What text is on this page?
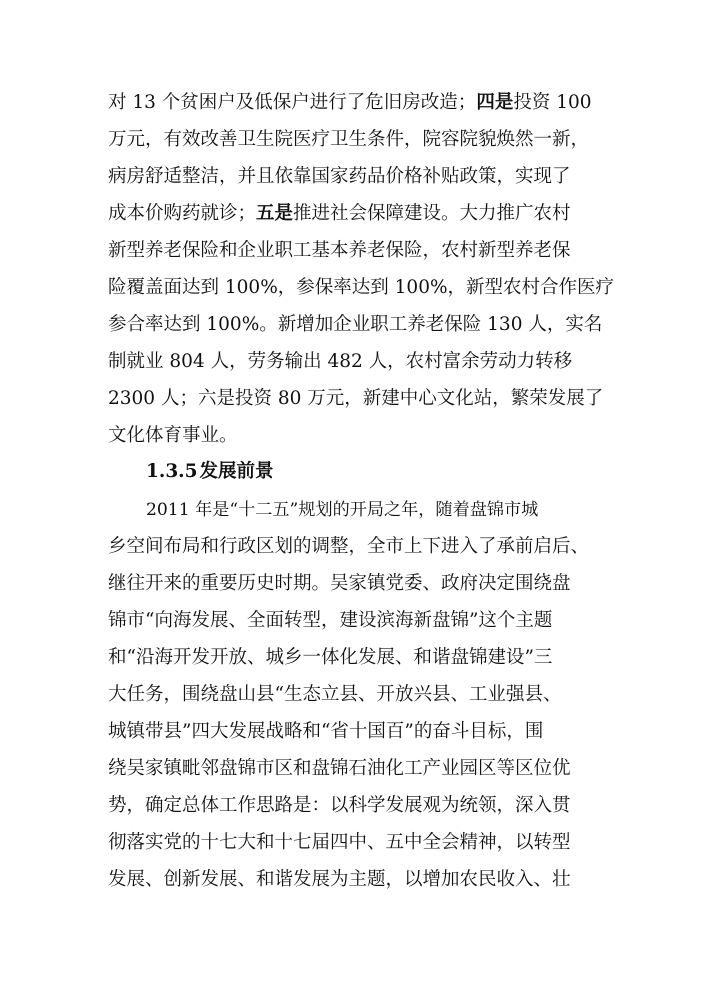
对 13 个贫困户及低保户进行了危旧房改造；四是投资 100
万元，有效改善卫生院医疗卫生条件，院容院貌焕然一新，
病房舒适整洁，并且依靠国家药品价格补贴政策，实现了
成本价购药就诊；五是推进社会保障建设。大力推广农村
新型养老保险和企业职工基本养老保险，农村新型养老保
险覆盖面达到 100%，参保率达到 100%，新型农村合作医疗
参合率达到 100%。新增加企业职工养老保险 130 人，实名
制就业 804 人，劳务输出 482 人，农村富余劳动力转移
2300 人；六是投资 80 万元，新建中心文化站，繁荣发展了
文化体育事业。
1.3.5 发展前景
2011 年是“十二五”规划的开局之年，随着盘锦市城
乡空间布局和行政区划的调整，全市上下进入了承前启后、
继往开来的重要历史时期。吴家镇党委、政府决定围绕盘
锦市“向海发展、全面转型，建设滨海新盘锦”这个主题
和“沿海开发开放、城乡一体化发展、和谐盘锦建设”三
大任务，围绕盘山县“生态立县、开放兴县、工业强县、
城镇带县”四大发展战略和“省十国百”的奋斗目标，围
绕吴家镇毗邻盘锦市区和盘锦石油化工产业园区等区位优
势，确定总体工作思路是：以科学发展观为统领，深入贯
彻落实党的十七大和十七届四中、五中全会精神，以转型
发展、创新发展、和谐发展为主题，以增加农民收入、壮
